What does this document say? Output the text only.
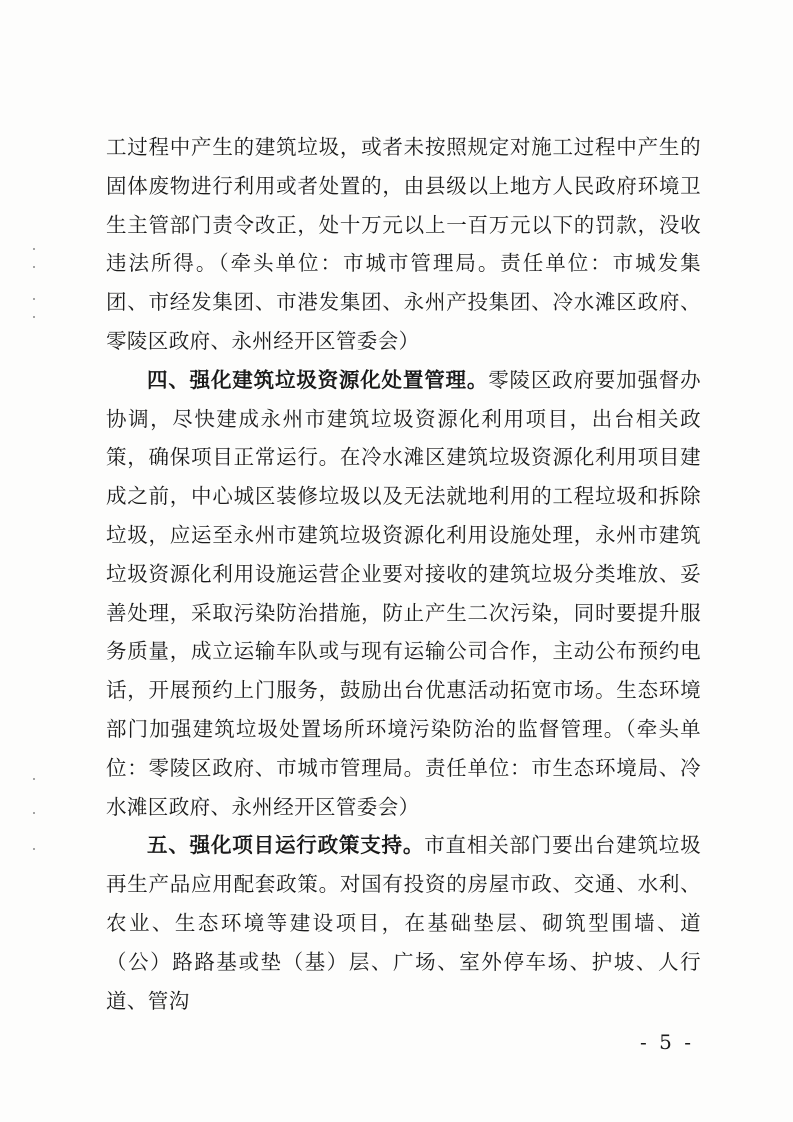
工过程中产生的建筑垃圾，或者未按照规定对施工过程中产生的固体废物进行利用或者处置的，由县级以上地方人民政府环境卫生主管部门责令改正，处十万元以上一百万元以下的罚款，没收违法所得。（牵头单位：市城市管理局。责任单位：市城发集团、市经发集团、市港发集团、永州产投集团、冷水滩区政府、零陵区政府、永州经开区管委会）

四、强化建筑垃圾资源化处置管理。零陵区政府要加强督办协调，尽快建成永州市建筑垃圾资源化利用项目，出台相关政策，确保项目正常运行。在冷水滩区建筑垃圾资源化利用项目建成之前，中心城区装修垃圾以及无法就地利用的工程垃圾和拆除垃圾，应运至永州市建筑垃圾资源化利用设施处理，永州市建筑垃圾资源化利用设施运营企业要对接收的建筑垃圾分类堆放、妥善处理，采取污染防治措施，防止产生二次污染，同时要提升服务质量，成立运输车队或与现有运输公司合作，主动公布预约电话，开展预约上门服务，鼓励出台优惠活动拓宽市场。生态环境部门加强建筑垃圾处置场所环境污染防治的监督管理。（牵头单位：零陵区政府、市城市管理局。责任单位：市生态环境局、冷水滩区政府、永州经开区管委会）

五、强化项目运行政策支持。市直相关部门要出台建筑垃圾再生产品应用配套政策。对国有投资的房屋市政、交通、水利、农业、生态环境等建设项目，在基础垫层、砌筑型围墙、道（公）路路基或垫（基）层、广场、室外停车场、护坡、人行道、管沟

- 5 -
